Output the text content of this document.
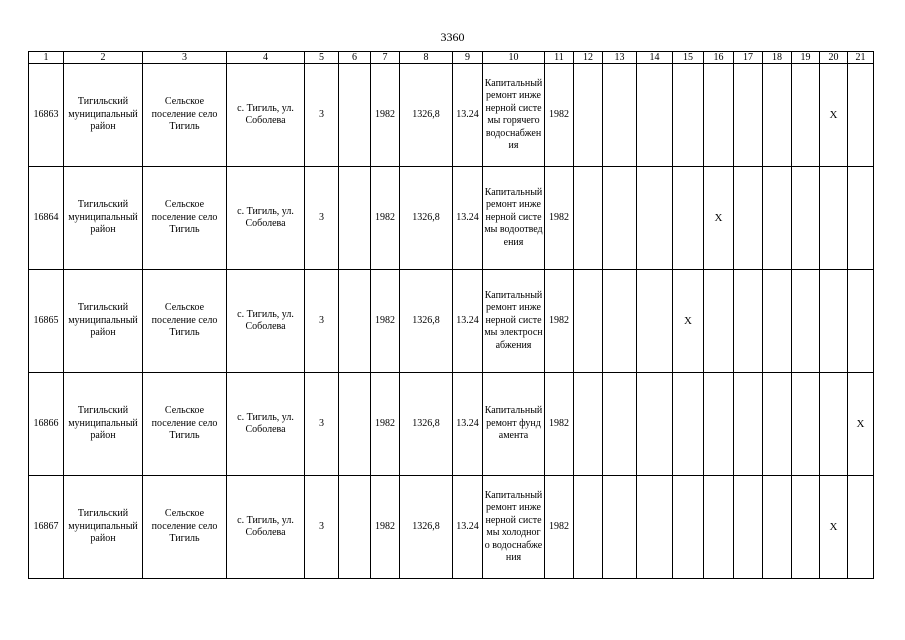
3360
1	2	3	4	5	6	7	8	9	10	11	12	13	14	15	16	17	18	19	20	21
16863	Тигильский муниципальный район	Сельское поселение село Тигиль	с. Тигиль, ул. Соболева	3		1982	1326,8	13.24	Капитальный ремонт инженерной системы горячего водоснабжения	1982									X	
16864	Тигильский муниципальный район	Сельское поселение село Тигиль	с. Тигиль, ул. Соболева	3		1982	1326,8	13.24	Капитальный ремонт инженерной системы водоотведения	1982					X					
16865	Тигильский муниципальный район	Сельское поселение село Тигиль	с. Тигиль, ул. Соболева	3		1982	1326,8	13.24	Капитальный ремонт инженерной системы электроснабжения	1982				X						
16866	Тигильский муниципальный район	Сельское поселение село Тигиль	с. Тигиль, ул. Соболева	3		1982	1326,8	13.24	Капитальный ремонт фундамента	1982										X
16867	Тигильский муниципальный район	Сельское поселение село Тигиль	с. Тигиль, ул. Соболева	3		1982	1326,8	13.24	Капитальный ремонт инженерной системы холодного водоснабжения	1982									X	
